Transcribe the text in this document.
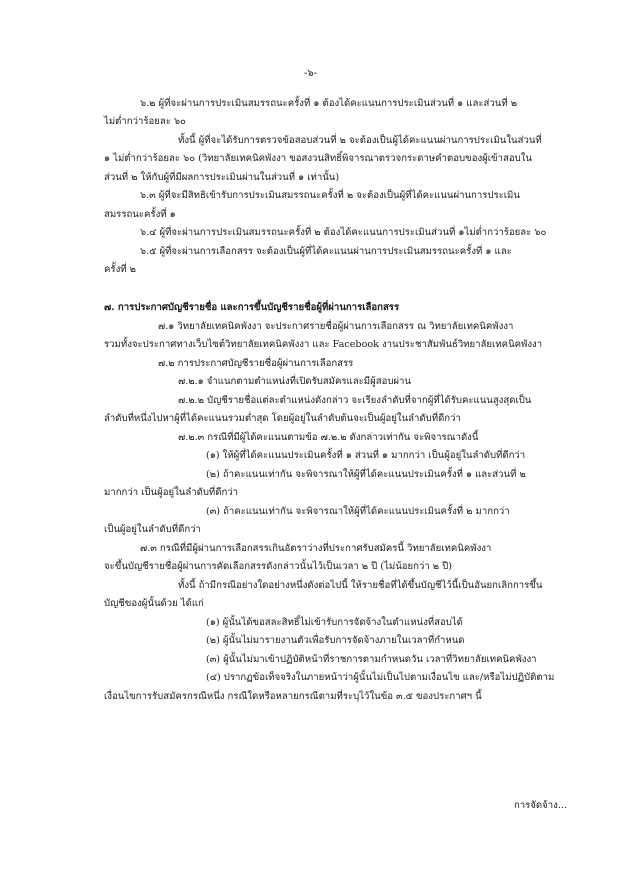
-๖-
๖.๒ ผู้ที่จะผ่านการประเมินสมรรถนะครั้งที่ ๑ ต้องได้คะแนนการประเมินส่วนที่ ๑ และส่วนที่ ๒
ไม่ต่ำกว่าร้อยละ ๖๐
ทั้งนี้ ผู้ที่จะได้รับการตรวจข้อสอบส่วนที่ ๒ จะต้องเป็นผู้ได้คะแนนผ่านการประเมินในส่วนที่
๑ ไม่ต่ำกว่าร้อยละ ๖๐ (วิทยาลัยเทคนิคพังงา ขอสงวนสิทธิ์พิจารณาตรวจกระดาษคำตอบของผู้เข้าสอบใน
ส่วนที่ ๒ ให้กับผู้ที่มีผลการประเมินผ่านในส่วนที่ ๑ เท่านั้น)
๖.๓ ผู้ที่จะมีสิทธิเข้ารับการประเมินสมรรถนะครั้งที่ ๒ จะต้องเป็นผู้ที่ได้คะแนนผ่านการประเมิน
สมรรถนะครั้งที่ ๑
๖.๔ ผู้ที่จะผ่านการประเมินสมรรถนะครั้งที่ ๒ ต้องได้คะแนนการประเมินส่วนที่ ๑ไม่ต่ำกว่าร้อยละ ๖๐
๖.๕ ผู้ที่จะผ่านการเลือกสรร จะต้องเป็นผู้ที่ได้คะแนนผ่านการประเมินสมรรถนะครั้งที่ ๑ และ
ครั้งที่ ๒
๗. การประกาศบัญชีรายชื่อ และการขึ้นบัญชีรายชื่อผู้ที่ผ่านการเลือกสรร
๗.๑ วิทยาลัยเทคนิคพังงา จะประกาศรายชื่อผู้ผ่านการเลือกสรร ณ วิทยาลัยเทคนิคพังงา
รวมทั้งจะประกาศทางเว็บไซต์วิทยาลัยเทคนิคพังงา และ Facebook งานประชาสัมพันธ์วิทยาลัยเทคนิคพังงา
๗.๒ การประกาศบัญชีรายชื่อผู้ผ่านการเลือกสรร
๗.๒.๑ จำแนกตามตำแหน่งที่เปิดรับสมัครและมีผู้สอบผ่าน
๗.๒.๒ บัญชีรายชื่อแต่ละตำแหน่งดังกล่าว จะเรียงลำดับที่จากผู้ที่ได้รับคะแนนสูงสุดเป็น
ลำดับที่หนึ่งไปหาผู้ที่ได้คะแนนรวมต่ำสุด โดยผู้อยู่ในลำดับต้นจะเป็นผู้อยู่ในลำดับที่ดีกว่า
๗.๒.๓ กรณีที่มีผู้ได้คะแนนตามข้อ ๗.๒.๒ ดังกล่าวเท่ากัน จะพิจารณาดังนี้
(๑) ให้ผู้ที่ได้คะแนนประเมินครั้งที่ ๑ ส่วนที่ ๑ มากกว่า เป็นผู้อยู่ในลำดับที่ดีกว่า
(๒) ถ้าคะแนนเท่ากัน จะพิจารณาให้ผู้ที่ได้คะแนนประเมินครั้งที่ ๑ และส่วนที่ ๒
มากกว่า เป็นผู้อยู่ในลำดับที่ดีกว่า
(๓) ถ้าคะแนนเท่ากัน จะพิจารณาให้ผู้ที่ได้คะแนนประเมินครั้งที่ ๒ มากกว่า
เป็นผู้อยู่ในลำดับที่ดีกว่า
๗.๓ กรณีที่มีผู้ผ่านการเลือกสรรเกินอัตราว่างที่ประกาศรับสมัครนี้ วิทยาลัยเทคนิคพังงา
จะขึ้นบัญชีรายชื่อผู้ผ่านการคัดเลือกสรรดังกล่าวนั้นไว้เป็นเวลา ๒ ปี (ไม่น้อยกว่า ๒ ปี)
ทั้งนี้ ถ้ามีกรณีอย่างใดอย่างหนึ่งดังต่อไปนี้ ให้รายชื่อที่ได้ขึ้นบัญชีไว้นี้เป็นอันยกเลิกการขึ้น
บัญชีของผู้นั้นด้วย ได้แก่
(๑) ผู้นั้นได้ขอสละสิทธิ์ไม่เข้ารับการจัดจ้างในตำแหน่งที่สอบได้
(๒) ผู้นั้นไม่มารายงานตัวเพื่อรับการจัดจ้างภายในเวลาที่กำหนด
(๓) ผู้นั้นไม่มาเข้าปฏิบัติหน้าที่ราชการตามกำหนดวัน เวลาที่วิทยาลัยเทคนิคพังงา
(๔) ปรากฏข้อเท็จจริงในภายหน้าว่าผู้นั้นไม่เป็นไปตามเงื่อนไข และ/หรือไม่ปฏิบัติตาม
เงื่อนไขการรับสมัครกรณีหนึ่ง กรณีใดหรือหลายกรณีตามที่ระบุไว้ในข้อ ๓.๕ ของประกาศฯ นี้
การจัดจ้าง...
